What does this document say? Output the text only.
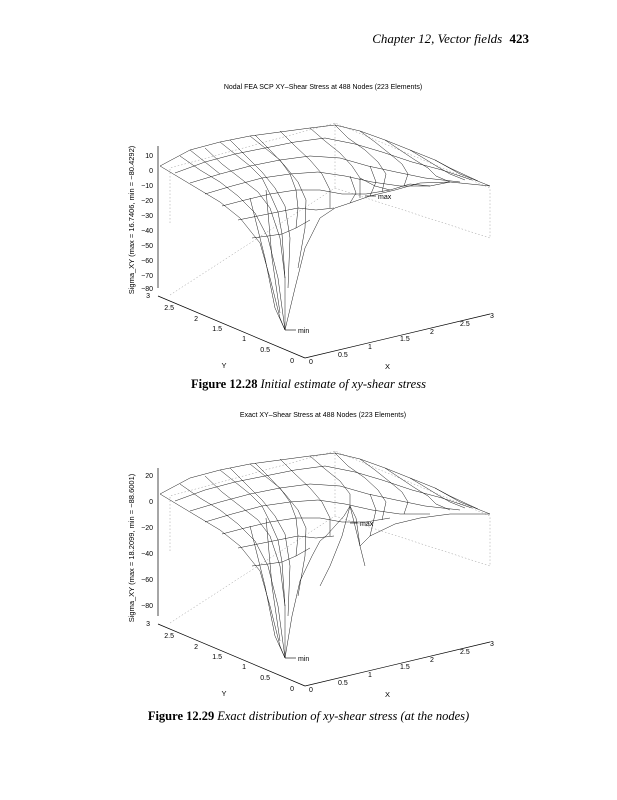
Chapter 12, Vector fields 423
Nodal FEA SCP XY–Shear Stress at 488 Nodes (223 Elements)
10
0
−10
−20
−30
−40
−50
−60
−70
−80
Sigma_XY (max = 16.7406, min = −80.4292)
3
2.5
2
1.5
1
0.5
0
Y	0
0.5
1
1.5
2
2.5
3
X
max
min
Figure 12.28 Initial estimate of xy-shear stress
Exact XY–Shear Stress at 488 Nodes (223 Elements)
20
0
−20
−40
−60
−80
Sigma_XY (max = 18.2099, min = −88.6001)
3
2.5
2
1.5
1
0.5
0
Y	0
0.5
1
1.5
2
2.5
3
X
max
min
Figure 12.29 Exact distribution of xy-shear stress (at the nodes)
